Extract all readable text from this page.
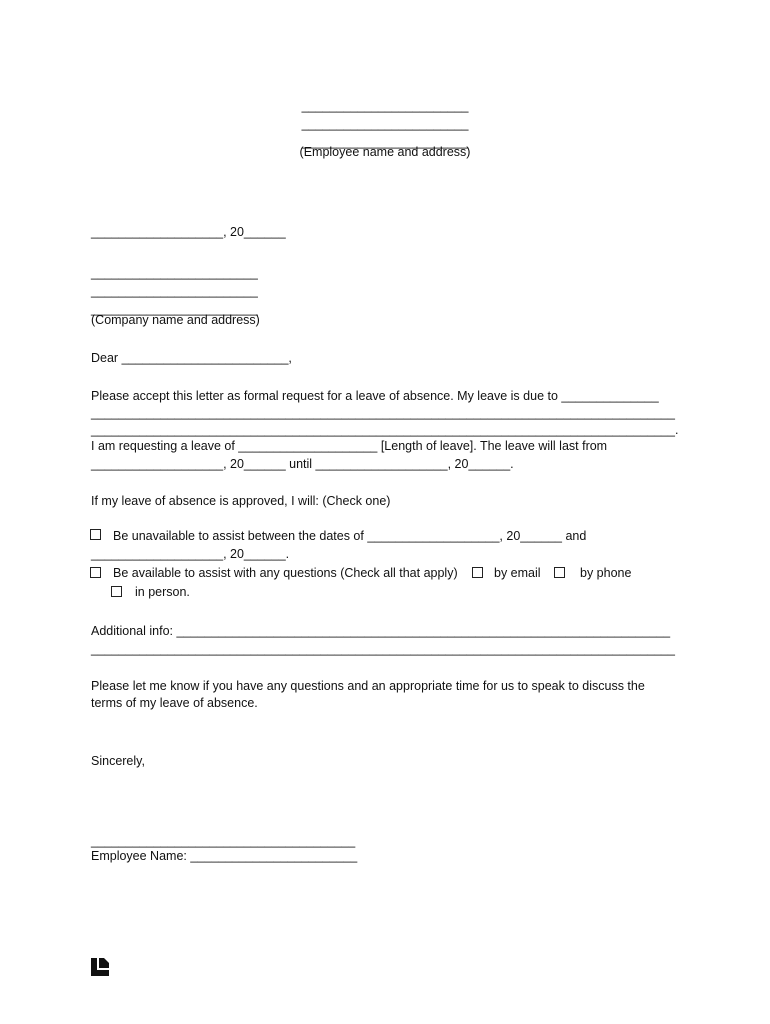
________________________
________________________
________________________
(Employee name and address)
___________________, 20______
________________________
________________________
________________________
(Company name and address)
Dear ________________________,
Please accept this letter as formal request for a leave of absence. My leave is due to ______________
____________________________________________________________________________________
____________________________________________________________________________________.
I am requesting a leave of ____________________ [Length of leave]. The leave will last from
___________________, 20______ until ___________________, 20______.
If my leave of absence is approved, I will: (Check one)
Be unavailable to assist between the dates of ___________________, 20______ and
___________________, 20______.
Be available to assist with any questions (Check all that apply)	by email	by phone
in person.
Additional info: _______________________________________________________________________
____________________________________________________________________________________
Please let me know if you have any questions and an appropriate time for us to speak to discuss the
terms of my leave of absence.
Sincerely,
______________________________________
Employee Name: ________________________
